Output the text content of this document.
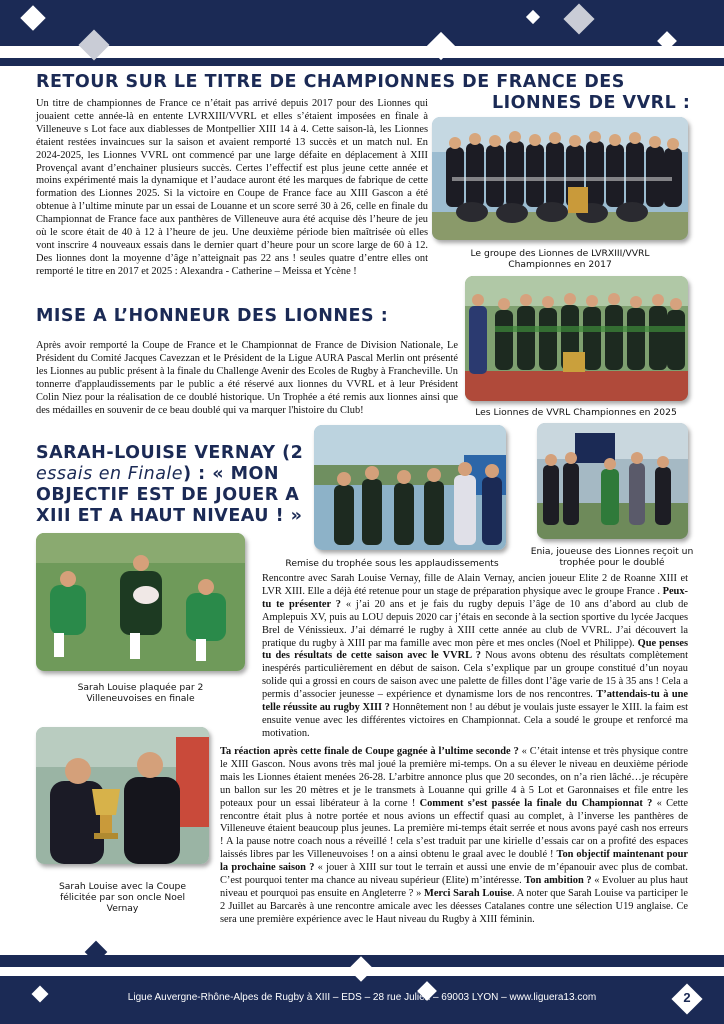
RETOUR SUR LE TITRE DE CHAMPIONNES DE FRANCE DES
LIONNES DE VVRL :

Un titre de championnes de France ce n’était pas arrivé depuis 2017 pour des Lionnes qui jouaient cette année-là en entente LVRXIII/VVRL et elles s’étaient imposées en finale à Villeneuve s Lot face aux diablesses de Montpellier XIII 14 à 4. Cette saison-là, les Lionnes étaient restées invaincues sur la saison et avaient remporté 13 succès et un match nul. En 2024-2025, les Lionnes VVRL ont commencé par une large défaite en déplacement à XIII Provençal avant d’enchainer plusieurs succès. Certes l’effectif est plus jeune cette année et moins expérimenté mais la dynamique et l’audace auront été les marques de fabrique de cette formation des Lionnes 2025. Si la victoire en Coupe de France face au XIII Gascon a été obtenue à l’ultime minute par un essai de Louanne et un score serré 30 à 26, celle en finale du Championnat de France face aux panthères de Villeneuve aura été acquise dès l’heure de jeu où le score était de 40 à 12 à l’heure de jeu. Une deuxième période bien maîtrisée où elles vont inscrire 4 nouveaux essais dans le dernier quart d’heure pour un score large de 60 à 12. Des lionnes dont la moyenne d’âge n’atteignait pas 22 ans ! seules quatre d’entre elles ont remporté le titre en 2017 et 2025 : Alexandra - Catherine – Meissa et Ycène !

Le groupe des Lionnes de LVRXIII/VVRL
Championnes en 2017
MISE A L’HONNEUR DES LIONNES :

Après avoir remporté la Coupe de France et le Championnat de France de Division Nationale, Le Président du Comité Jacques Cavezzan et le Président de la Ligue AURA Pascal Merlin ont présenté les Lionnes au public présent à la finale du Challenge Avenir des Ecoles de Rugby à Francheville. Un tonnerre d'applaudissements par le public a été réservé aux lionnes du VVRL et à leur Président Colin Niez pour la réalisation de ce doublé historique. Un Trophée a été remis aux lionnes ainsi que des médailles en souvenir de ce beau doublé qui va marquer l'histoire du Club!	Les Lionnes de VVRL Championnes en 2025
Remise du trophée sous les applaudissements
Enia, joueuse des Lionnes reçoit un
trophée pour le doublé
SARAH-LOUISE VERNAY (2
essais en Finale) : « MON
OBJECTIF EST DE JOUER A
XIII ET A HAUT NIVEAU ! »
Sarah Louise plaquée par 2
Villeneuvoises en finale
Sarah Louise avec la Coupe
félicitée par son oncle Noel
Vernay

Rencontre avec Sarah Louise Vernay, fille de Alain Vernay, ancien joueur Elite 2 de Roanne XIII et LVR XIII. Elle a déjà été retenue pour un stage de préparation physique avec le groupe France . Peux-tu te présenter ? « j’ai 20 ans et je fais du rugby depuis l’âge de 10 ans d’abord au club de Amplepuis XV, puis au LOU depuis 2020 car j’étais en seconde à la section sportive du lycée Jacques Brel de Vénissieux. J’ai démarré le rugby à XIII cette année au club de VVRL. J’ai découvert la pratique du rugby à XIII par ma famille avec mon père et mes oncles (Noel et Philippe). Que penses tu des résultats de cette saison avec le VVRL ? Nous avons obtenu des résultats complètement inespérés particulièrement en début de saison. Cela s’explique par un groupe constitué d’un noyau solide qui a grossi en cours de saison avec une palette de filles dont l’âge varie de 15 à 35 ans ! Cela a permis d’associer jeunesse – expérience et dynamisme lors de nos rencontres. T’attendais-tu à une telle réussite au rugby XIII ? Honnêtement non ! au début je voulais juste essayer le XIII. la faim est ensuite venue avec les différentes victoires en Championnat. Cela a soudé le groupe et renforcé ma motivation.

Ta réaction après cette finale de Coupe gagnée à l’ultime seconde ? « C’était intense et très physique contre le XIII Gascon. Nous avons très mal joué la première mi-temps. On a su élever le niveau en deuxième période mais les Lionnes étaient menées 26-28. L’arbitre annonce plus que 20 secondes, on n’a rien lâché…je récupère un ballon sur les 20 mètres et je le transmets à Louanne qui grille 4 à 5 Lot et Garonnaises et file entre les poteaux pour un essai libérateur à la corne ! Comment s’est passée la finale du Championnat ? « Cette rencontre était plus à notre portée et nous avions un effectif quasi au complet, à l’inverse les panthères de Villeneuve étaient beaucoup plus jeunes. La première mi-temps était serrée et nous avons payé cash nos erreurs ! A la pause notre coach nous a réveillé ! cela s’est traduit par une kirielle d’essais car on a profité des espaces laissés libres par les Villeneuvoises ! on a ainsi obtenu le graal avec le doublé ! Ton objectif maintenant pour la prochaine saison ? « jouer à XIII sur tout le terrain et aussi une envie de m’épanouir avec plus de combat. C’est pourquoi tenter ma chance au niveau supérieur (Elite) m’intéresse. Ton ambition ? « Evoluer au plus haut niveau et pourquoi pas ensuite en Angleterre ? » Merci Sarah Louise. A noter que Sarah Louise va participer le 2 Juillet au Barcarès à une rencontre amicale avec les déesses Catalanes contre une sélection U19 anglaise. Ce sera une première expérience avec le Haut niveau du Rugby à XIII féminin.

Ligue Auvergne-Rhône-Alpes de Rugby à XIII – EDS – 28 rue Julien – 69003 LYON – www.liguera13.com	2
